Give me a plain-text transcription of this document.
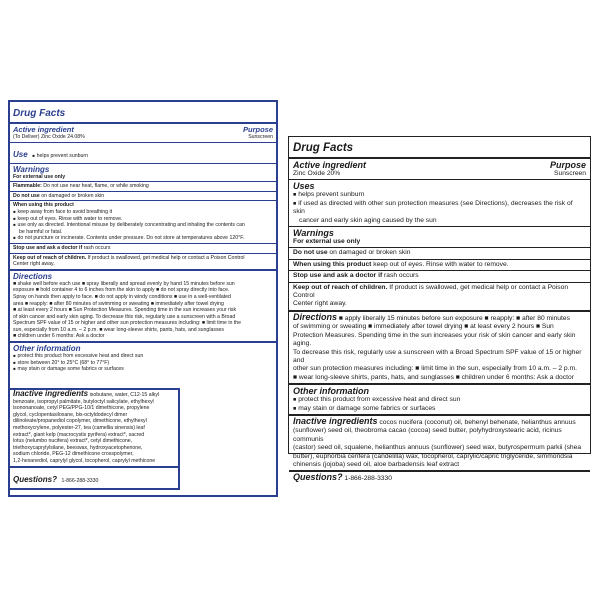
Drug Facts
Active ingredient	Purpose
(To Deliver) Zinc Oxide 24.08%	Sunscreen
Use ■ helps prevent sunburn
Warnings
For external use only
Flammable: Do not use near heat, flame, or while smoking
Do not use on damaged or broken skin
When using this product
■ keep away from face to avoid breathing it
■ keep out of eyes. Rinse with water to remove.
■ use only as directed. Intentional misuse by deliberately concentrating and inhaling the contents can
be harmful or fatal.
■ do not puncture or incinerate. Contents under pressure. Do not store at temperatures above 120°F.
Stop use and ask a doctor if rash occurs
Keep out of reach of children. If product is swallowed, get medical help or contact a Poison Control
Center right away.
Directions
■ shake well before each use ■ spray liberally and spread evenly by hand 15 minutes before sun
exposure ■ hold container 4 to 6 inches from the skin to apply ■ do not spray directly into face.
Spray on hands then apply to face. ■ do not apply in windy conditions ■ use in a well-ventilated
area ■ reapply: ■ after 80 minutes of swimming or sweating ■ immediately after towel drying
■ at least every 2 hours ■ Sun Protection Measures. Spending time in the sun increases your risk
of skin cancer and early skin aging. To decrease this risk, regularly use a sunscreen with a Broad
Spectrum SPF value of 15 or higher and other sun protection measures including: ■ limit time in the
sun, especially from 10 a.m. – 2 p.m. ■ wear long-sleeve shirts, pants, hats, and sunglasses
■ children under 6 months: Ask a doctor
Other information
■ protect this product from excessive heat and direct sun
■ store between 20° to 25°C (68° to 77°F)
■ may stain or damage some fabrics or surfaces
Inactive ingredients isobutane, water, C12-15 alkyl
benzoate, isopropyl palmitate, butyloctyl salicylate, ethylhexyl
isononanoate, cetyl PEG/PPG-10/1 dimethicone, propylene
glycol, cyclopentasiloxane, bis-octyldodecyl dimer
dilinoleate/propanediol copolymer, dimethicone, ethylhexyl
methoxycrylene, polyester-27, tea (camellia sinensis) leaf
extract*, giant kelp (macrocystis pyrifera) extract*, sacred
lotus (nelumbo nucifera) extract*, cetyl dimethicone,
triethoxycaprylylsilane, beeswax, hydroxyacetophenone,
sodium chloride, PEG-12 dimethicone crosspolymer,
1,2-hexanediol, caprylyl glycol, tocopherol, caprylyl methicone
Questions? 1-866-288-3330
Drug Facts
Active ingredient	Purpose
Zinc Oxide 20%	Sunscreen
Uses
■ helps prevent sunburn
■ if used as directed with other sun protection measures (see Directions), decreases the risk of skin
cancer and early skin aging caused by the sun
Warnings
For external use only
Do not use on damaged or broken skin
When using this product keep out of eyes. Rinse with water to remove.
Stop use and ask a doctor if rash occurs
Keep out of reach of children. If product is swallowed, get medical help or contact a Poison Control
Center right away.
Directions ■ apply liberally 15 minutes before sun exposure ■ reapply: ■ after 80 minutes
of swimming or sweating ■ immediately after towel drying ■ at least every 2 hours ■ Sun
Protection Measures. Spending time in the sun increases your risk of skin cancer and early skin aging.
To decrease this risk, regularly use a sunscreen with a Broad Spectrum SPF value of 15 or higher and
other sun protection measures including: ■ limit time in the sun, especially from 10 a.m. – 2 p.m.
■ wear long-sleeve shirts, pants, hats, and sunglasses ■ children under 6 months: Ask a doctor
Other information
■ protect this product from excessive heat and direct sun
■ may stain or damage some fabrics or surfaces
Inactive ingredients cocos nucifera (coconut) oil, behenyl behenate, helianthus annuus
(sunflower) seed oil, theobroma cacao (cocoa) seed butter, polyhydroxystearic acid, ricinus communis
(castor) seed oil, squalene, helianthus annuus (sunflower) seed wax, butyrospermum parkii (shea
butter), euphorbia cerifera (candelilla) wax, tocopherol, caprylic/capric triglyceride, simmondsia
chinensis (jojoba) seed oil, aloe barbadensis leaf extract
Questions? 1-866-288-3330
